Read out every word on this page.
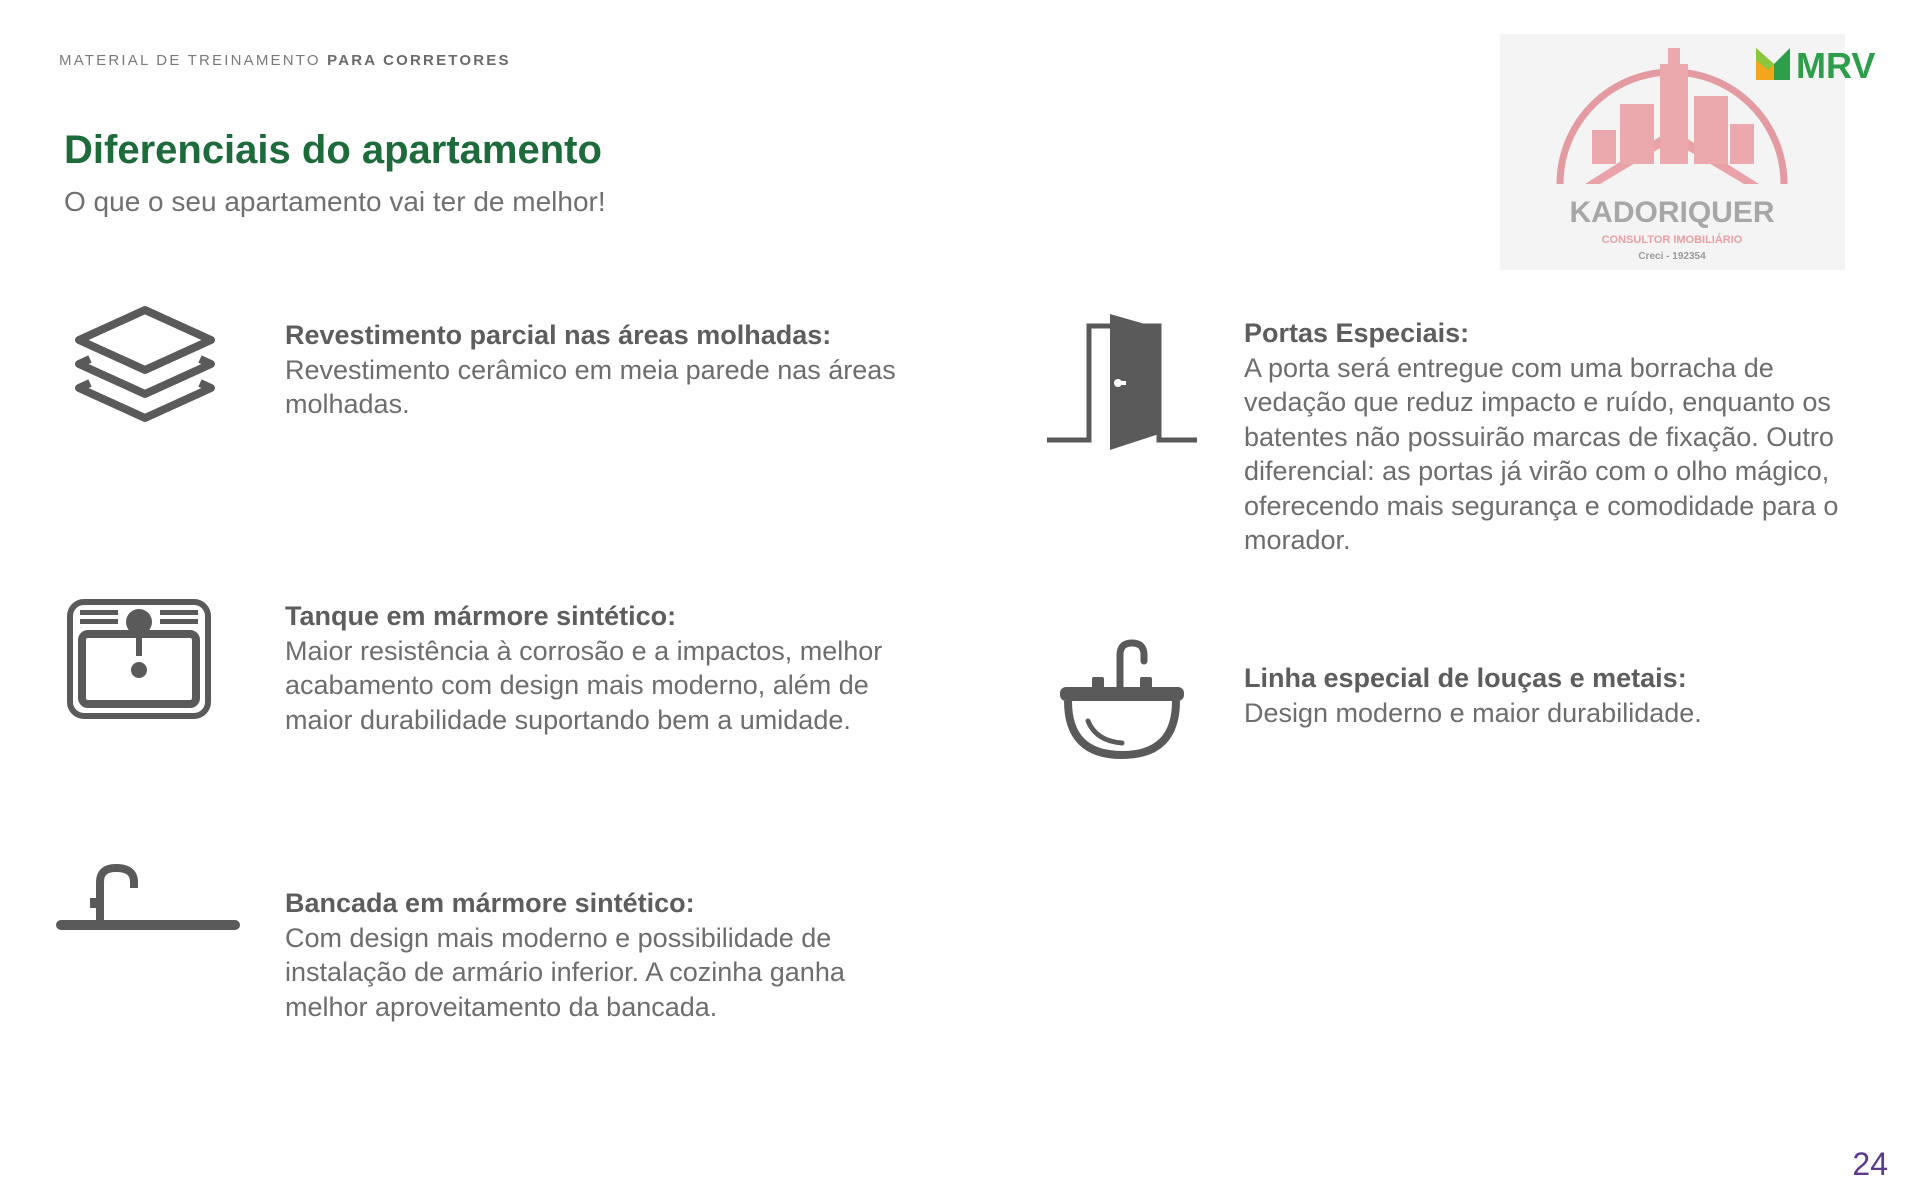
MATERIAL DE TREINAMENTO PARA CORRETORES
KADORIQUER
CONSULTOR IMOBILIÁRIO
Creci - 192354
MRV
Diferenciais do apartamento

O que o seu apartamento vai ter de melhor!

Revestimento parcial nas áreas molhadas:
Revestimento cerâmico em meia parede nas áreas molhadas.
Portas Especiais:
A porta será entregue com uma borracha de vedação que reduz impacto e ruído, enquanto os batentes não possuirão marcas de fixação. Outro diferencial: as portas já virão com o olho mágico, oferecendo mais segurança e comodidade para o morador.
Tanque em mármore sintético:
Maior resistência à corrosão e a impactos, melhor acabamento com design mais moderno, além de maior durabilidade suportando bem a umidade.
Linha especial de louças e metais:
Design moderno e maior durabilidade.
Bancada em mármore sintético:
Com design mais moderno e possibilidade de instalação de armário inferior. A cozinha ganha melhor aproveitamento da bancada.
24
